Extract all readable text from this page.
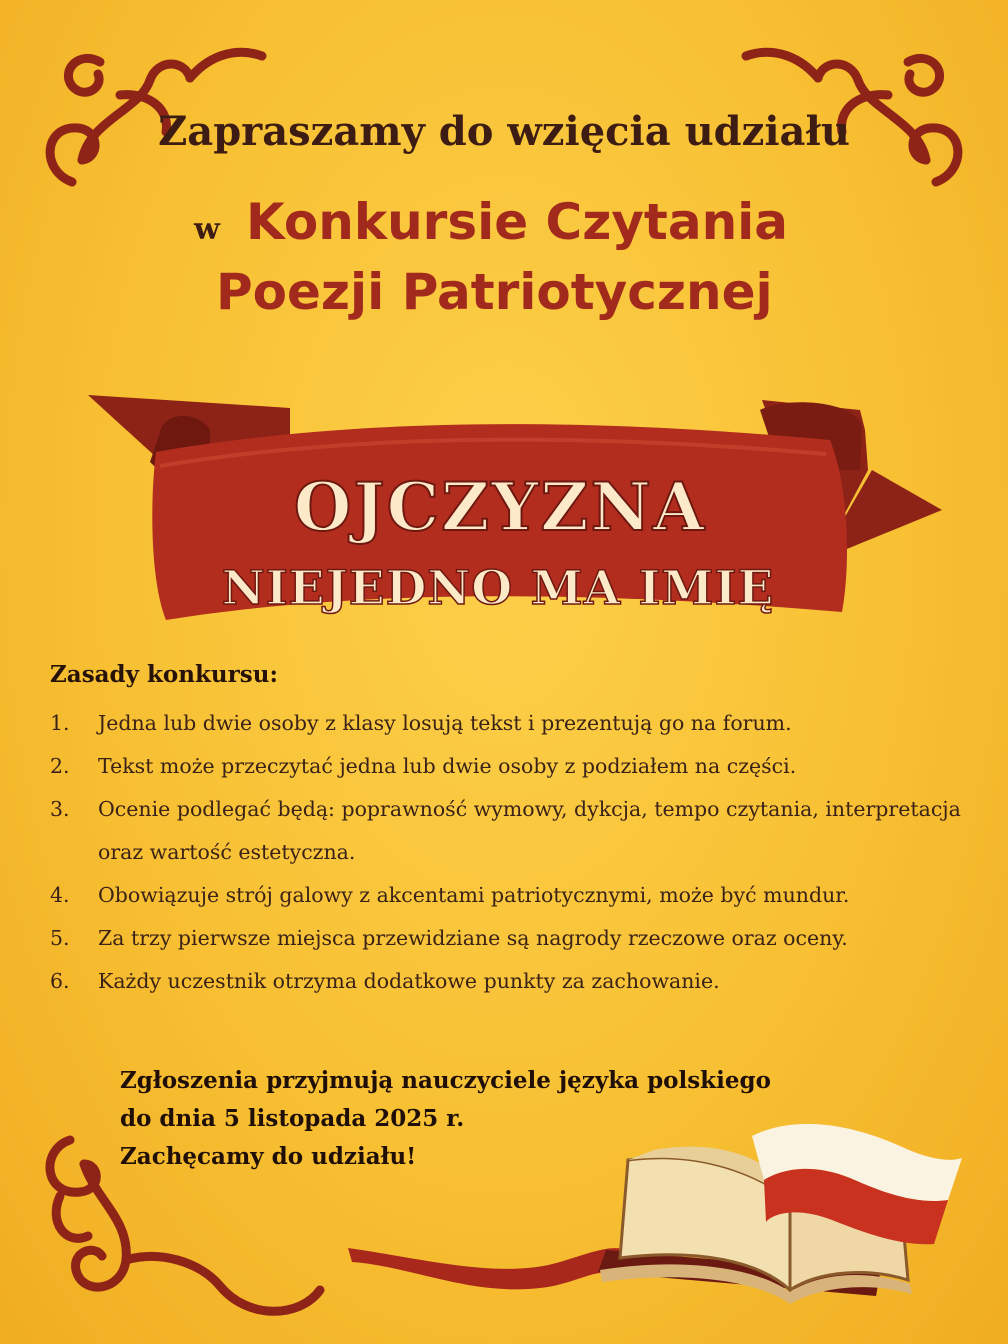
Zapraszamy do wzięcia udziału
w Konkursie Czytania
Poezji Patriotycznej
OJCZYZNA
NIEJEDNO MA IMIĘ
Zasady konkursu:
1.	Jedna lub dwie osoby z klasy losują tekst i prezentują go na forum.
2.	Tekst może przeczytać jedna lub dwie osoby z podziałem na części.
3.	Ocenie podlegać będą: poprawność wymowy, dykcja, tempo czytania, interpretacja oraz wartość estetyczna.
4.	Obowiązuje strój galowy z akcentami patriotycznymi, może być mundur.
5.	Za trzy pierwsze miejsca przewidziane są nagrody rzeczowe oraz oceny.
6.	Każdy uczestnik otrzyma dodatkowe punkty za zachowanie.
Zgłoszenia przyjmują nauczyciele języka polskiego
do dnia 5 listopada 2025 r.
Zachęcamy do udziału!
